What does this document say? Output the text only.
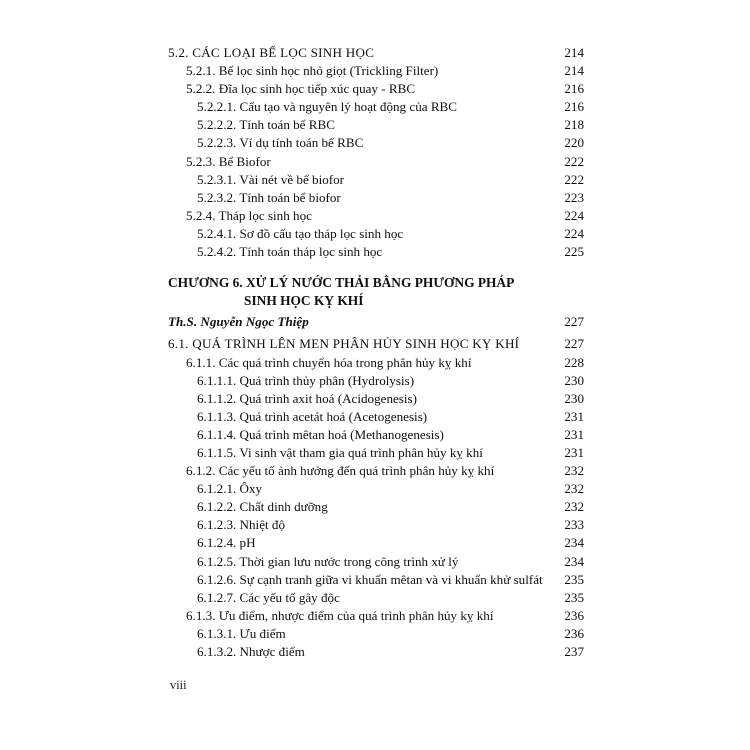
5.2. CÁC LOẠI BỂ LỌC SINH HỌC	214
5.2.1. Bể lọc sinh học nhỏ giọt (Trickling Filter)	214
5.2.2. Đĩa lọc sinh học tiếp xúc quay - RBC	216
5.2.2.1. Cấu tạo và nguyên lý hoạt động của RBC	216
5.2.2.2. Tính toán bể RBC	218
5.2.2.3. Ví dụ tính toán bể RBC	220
5.2.3. Bể Biofor	222
5.2.3.1. Vài nét về bể biofor	222
5.2.3.2. Tính toán bể biofor	223
5.2.4. Tháp lọc sinh học	224
5.2.4.1. Sơ đồ cấu tạo tháp lọc sinh học	224
5.2.4.2. Tính toán tháp lọc sinh học	225
CHƯƠNG 6. XỬ LÝ NƯỚC THẢI BẰNG PHƯƠNG PHÁP
SINH HỌC KỴ KHÍ
Th.S. Nguyễn Ngọc Thiệp	227
6.1. QUÁ TRÌNH LÊN MEN PHÂN HỦY SINH HỌC KỴ KHÍ	227
6.1.1. Các quá trình chuyển hóa trong phân hủy kỵ khí	228
6.1.1.1. Quá trình thủy phân (Hydrolysis)	230
6.1.1.2. Quá trình axit hoá (Acidogenesis)	230
6.1.1.3. Quá trình acetát hoá (Acetogenesis)	231
6.1.1.4. Quá trình mêtan hoá (Methanogenesis)	231
6.1.1.5. Vi sinh vật tham gia quá trình phân hủy kỵ khí	231
6.1.2. Các yếu tố ảnh hưởng đến quá trình phân hủy kỵ khí	232
6.1.2.1. Ôxy	232
6.1.2.2. Chất dinh dưỡng	232
6.1.2.3. Nhiệt độ	233
6.1.2.4. pH	234
6.1.2.5. Thời gian lưu nước trong công trình xử lý	234
6.1.2.6. Sự cạnh tranh giữa vi khuẩn mêtan và vi khuẩn khử sulfát	235
6.1.2.7. Các yếu tố gây độc	235
6.1.3. Ưu điểm, nhược điểm của quá trình phân hủy kỵ khí	236
6.1.3.1. Ưu điểm	236
6.1.3.2. Nhược điểm	237
viii
